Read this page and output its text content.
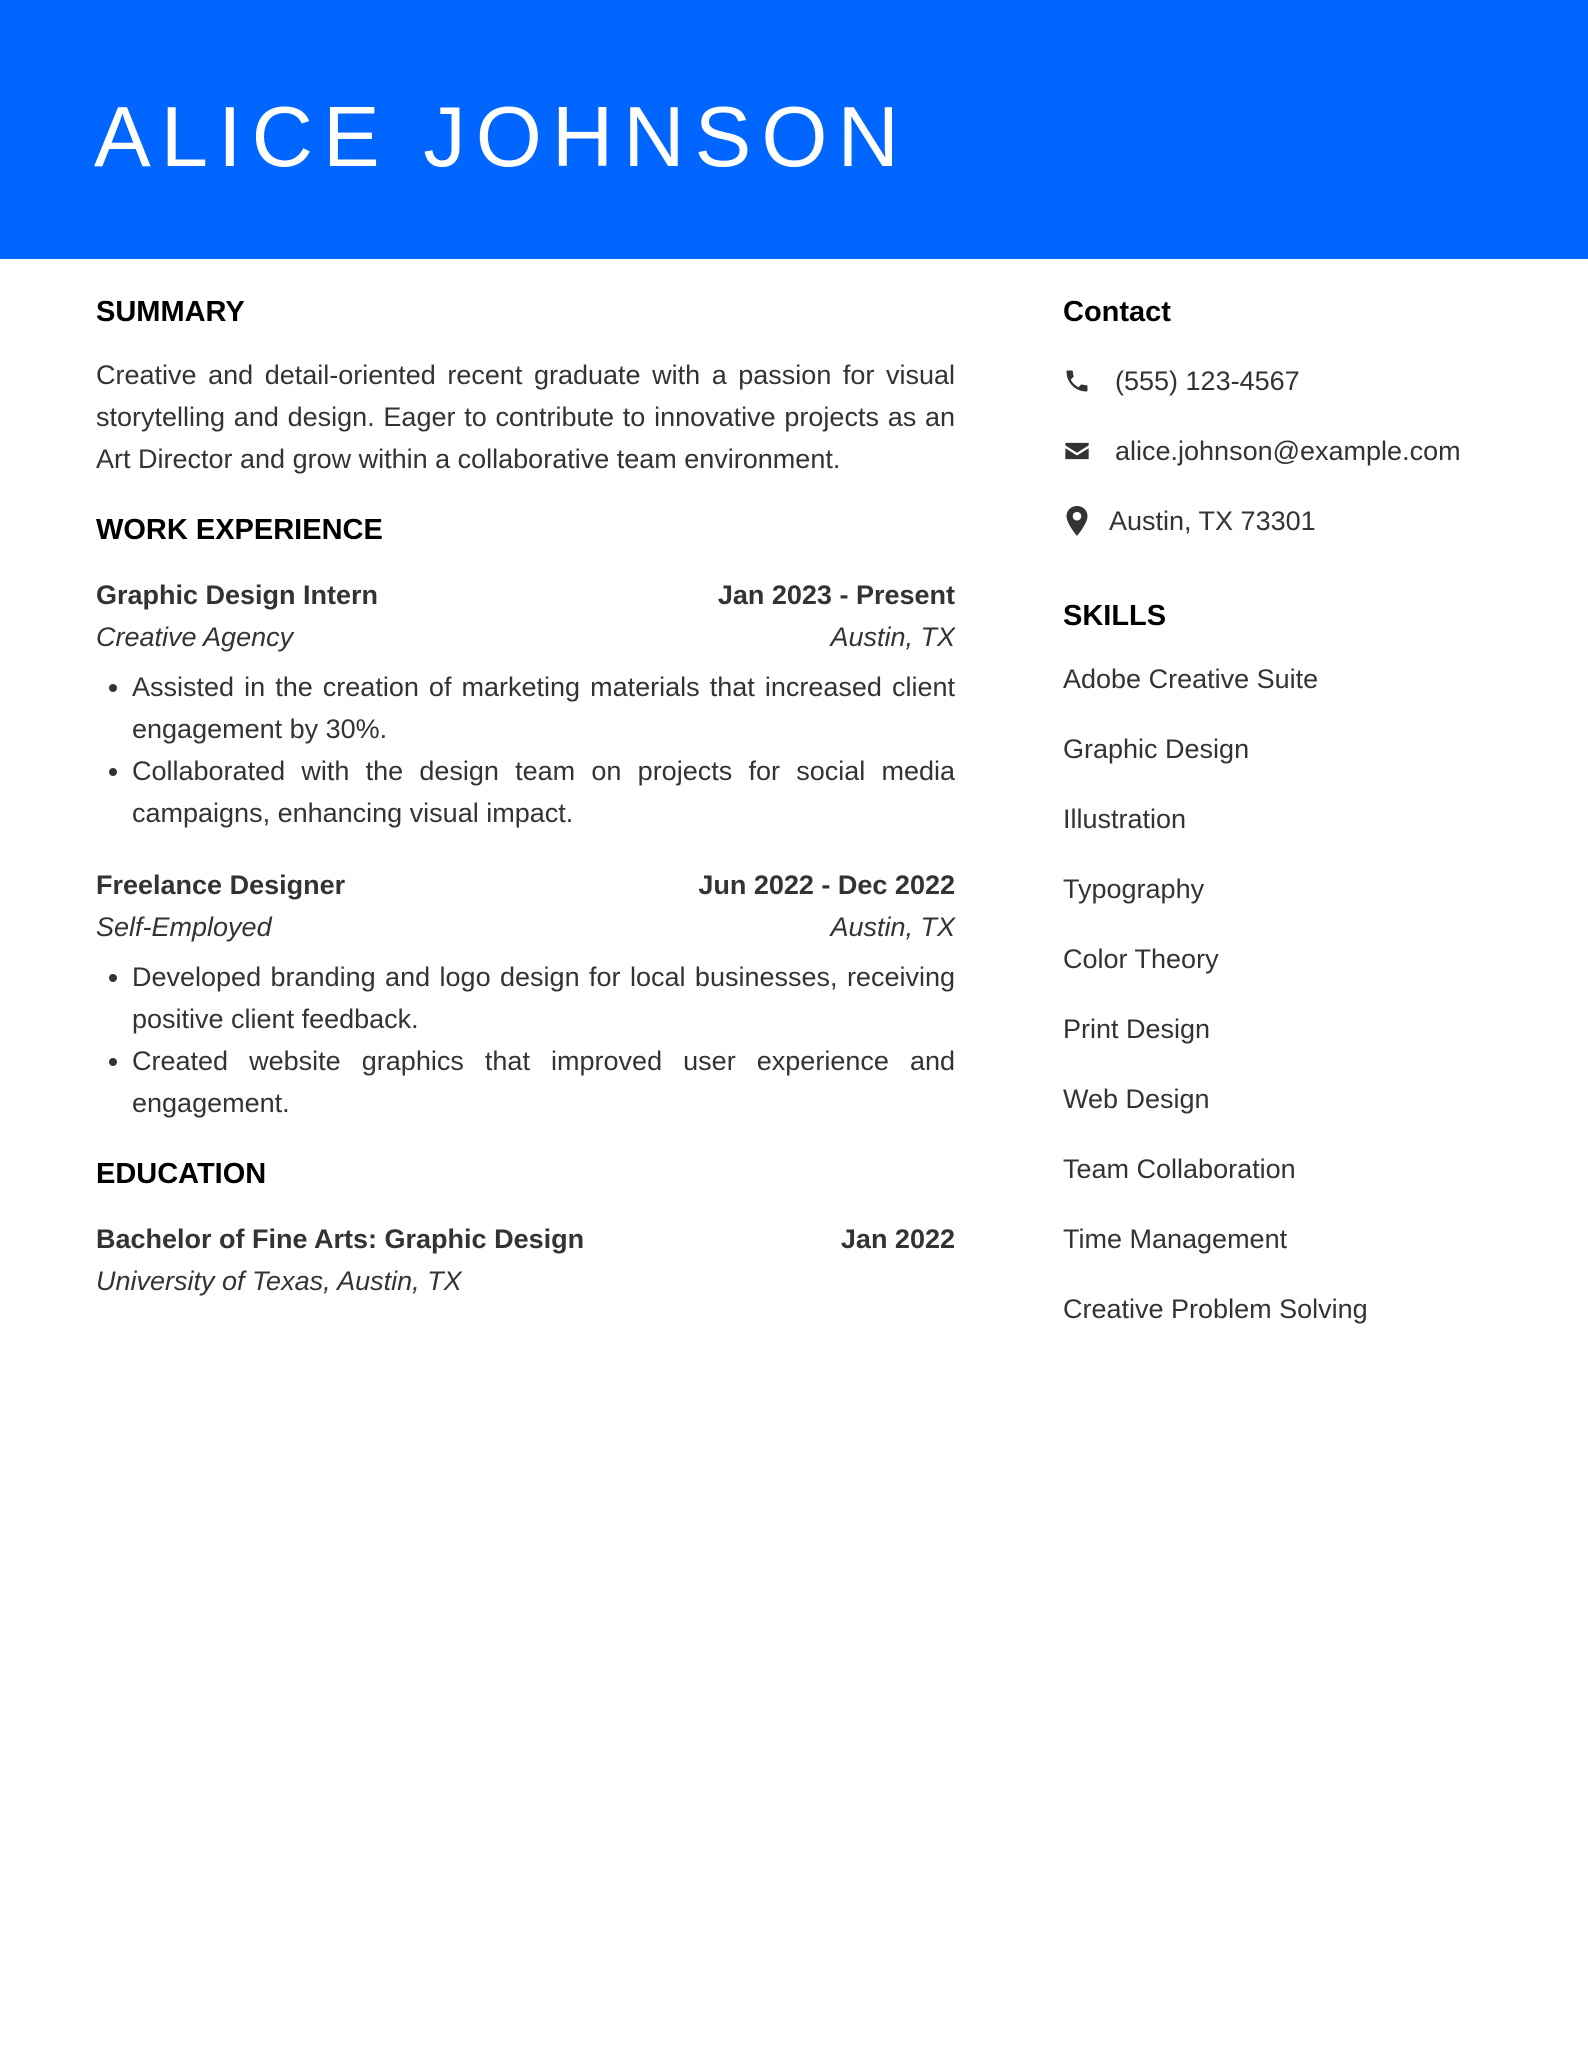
ALICE JOHNSON
SUMMARY

Creative and detail-oriented recent graduate with a passion for visual storytelling and design. Eager to contribute to innovative projects as an Art Director and grow within a collaborative team environment.

WORK EXPERIENCE
Graphic Design Intern	Jan 2023 - Present
Creative Agency	Austin, TX
• Assisted in the creation of marketing materials that increased client engagement by 30%.
• Collaborated with the design team on projects for social media campaigns, enhancing visual impact.
Freelance Designer	Jun 2022 - Dec 2022
Self-Employed	Austin, TX
• Developed branding and logo design for local businesses, receiving positive client feedback.
• Created website graphics that improved user experience and engagement.
EDUCATION
Bachelor of Fine Arts: Graphic Design	Jan 2022
University of Texas, Austin, TX
Contact
(555) 123-4567
alice.johnson@example.com
Austin, TX 73301
SKILLS
Adobe Creative Suite
Graphic Design
Illustration
Typography
Color Theory
Print Design
Web Design
Team Collaboration
Time Management
Creative Problem Solving
